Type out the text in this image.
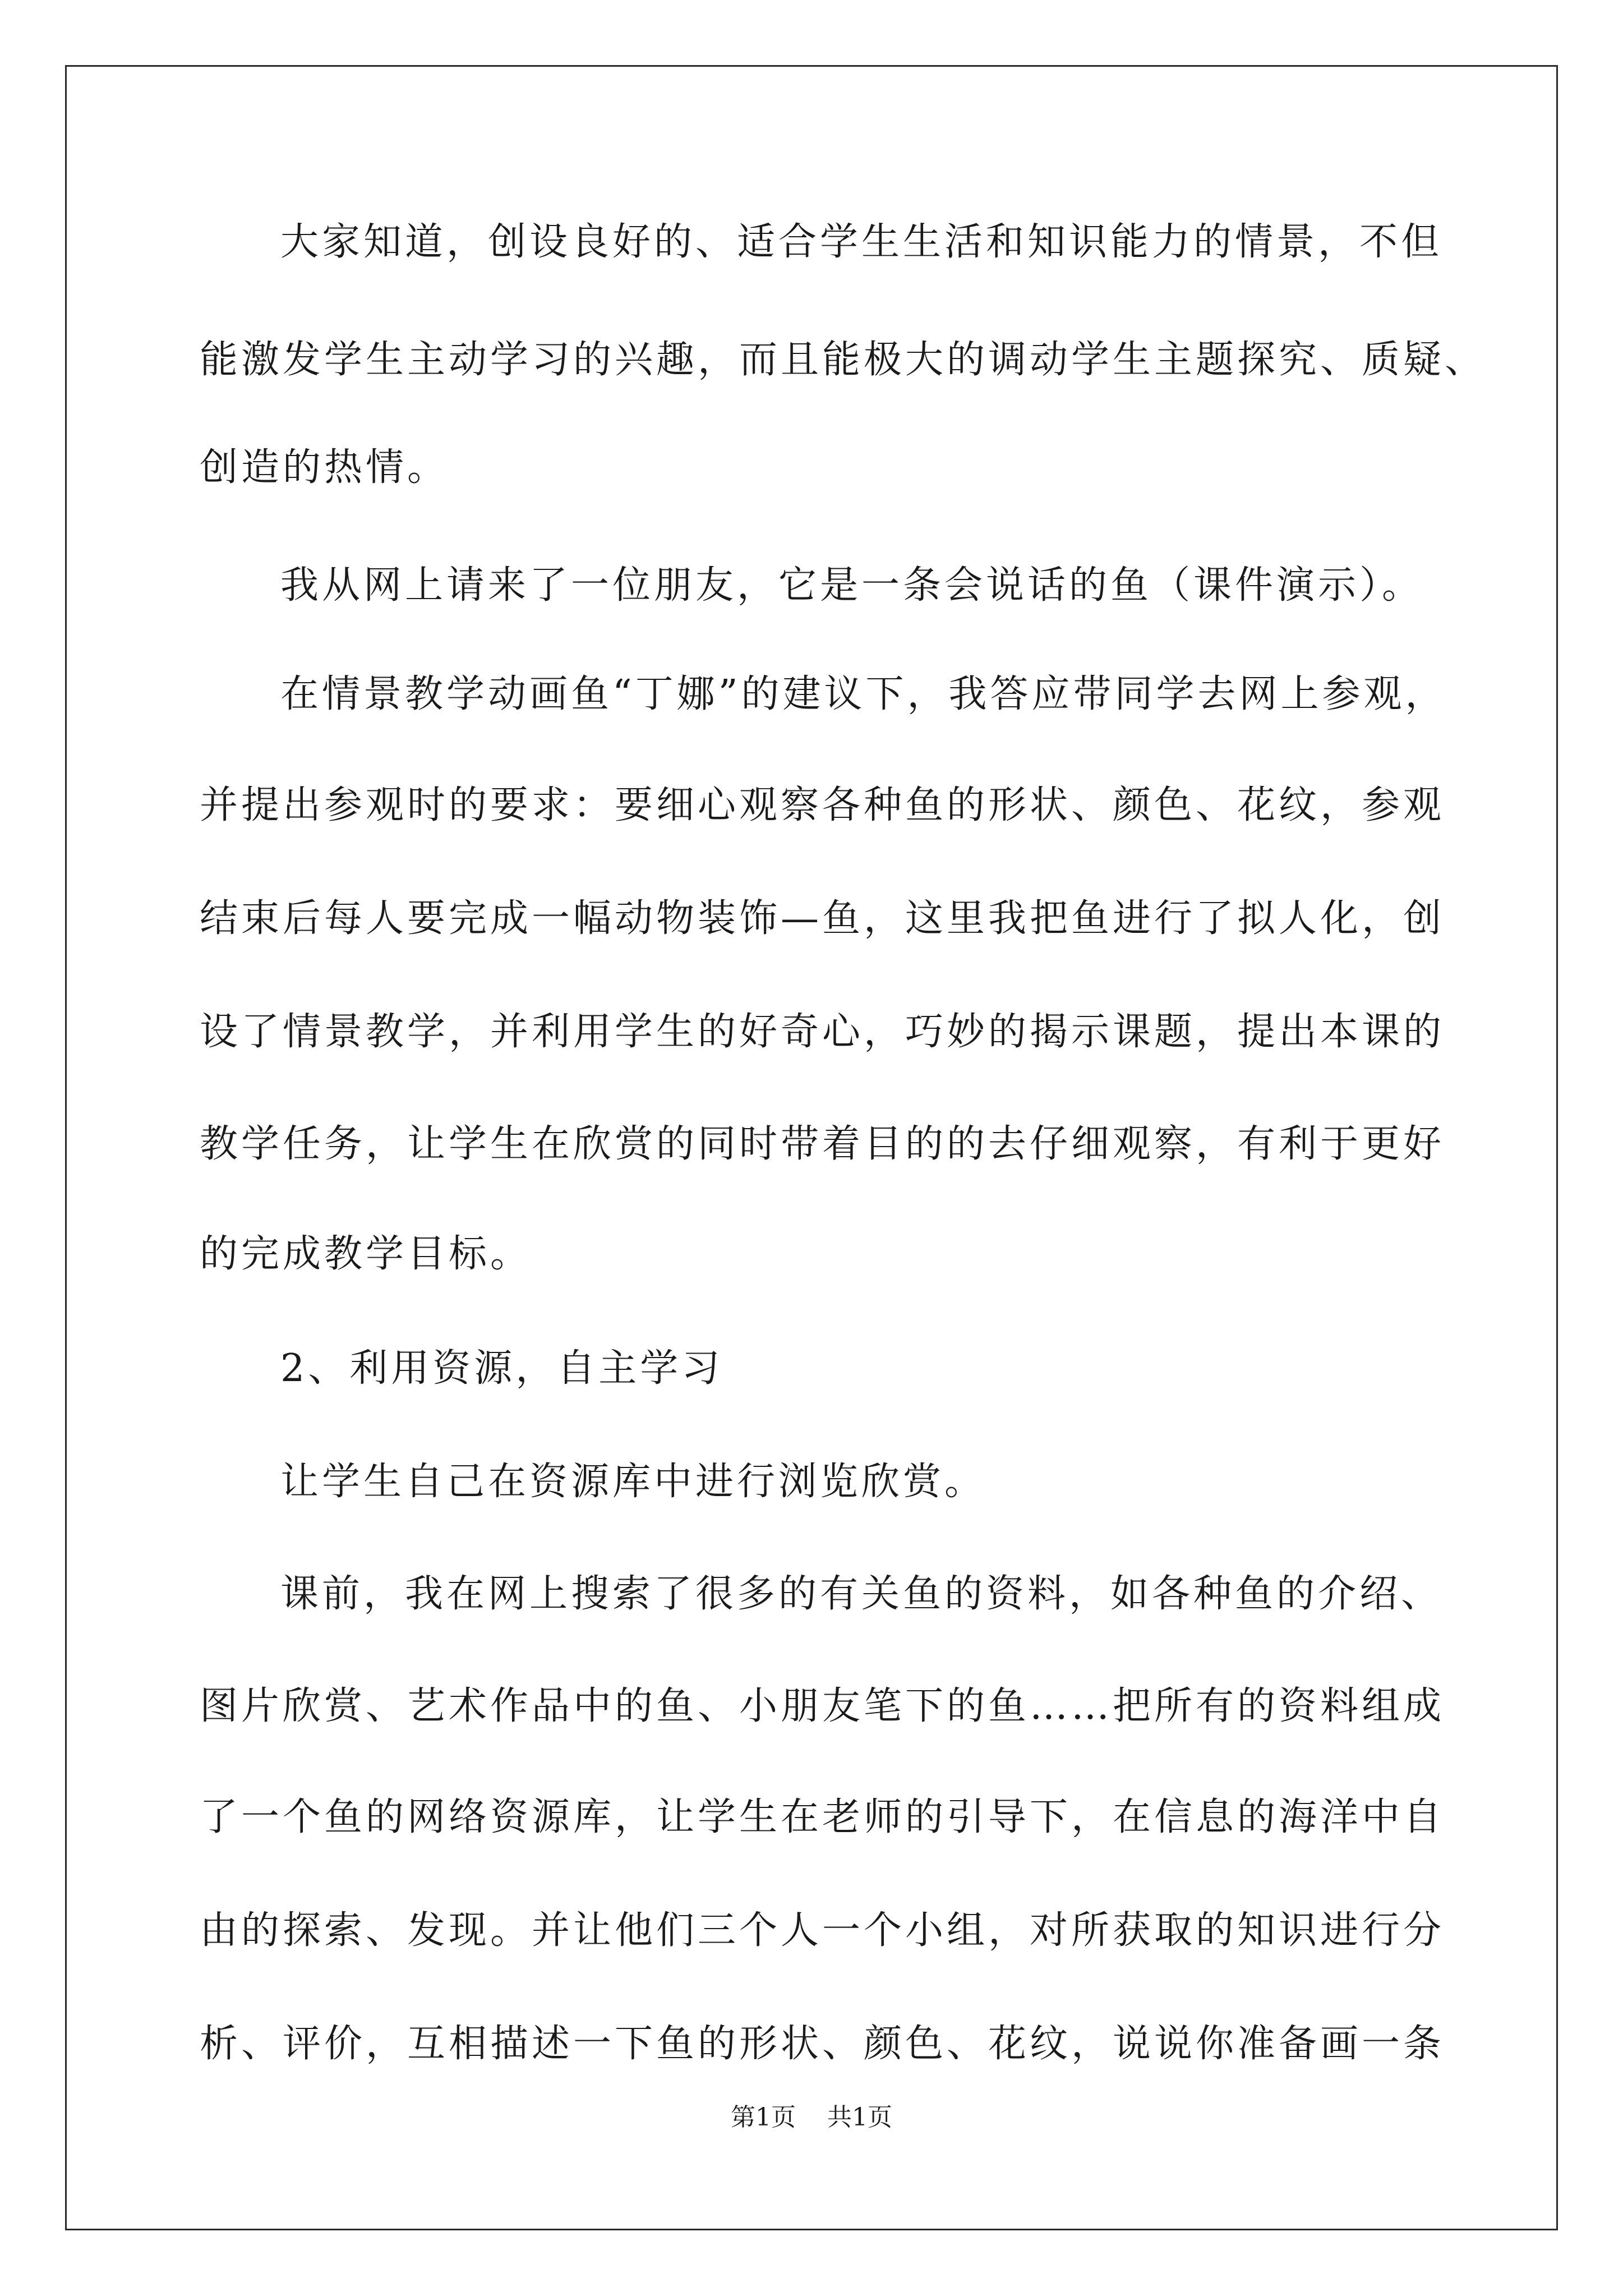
大家知道，创设良好的、适合学生生活和知识能力的情景，不但
能激发学生主动学习的兴趣，而且能极大的调动学生主题探究、质疑、
创造的热情。
我从网上请来了一位朋友，它是一条会说话的鱼（课件演示）。
在情景教学动画鱼“丁娜”的建议下，我答应带同学去网上参观，
并提出参观时的要求：要细心观察各种鱼的形状、颜色、花纹，参观
结束后每人要完成一幅动物装饰—鱼，这里我把鱼进行了拟人化，创
设了情景教学，并利用学生的好奇心，巧妙的揭示课题，提出本课的
教学任务，让学生在欣赏的同时带着目的的去仔细观察，有利于更好
的完成教学目标。
2、利用资源，自主学习
让学生自己在资源库中进行浏览欣赏。
课前，我在网上搜索了很多的有关鱼的资料，如各种鱼的介绍、
图片欣赏、艺术作品中的鱼、小朋友笔下的鱼……把所有的资料组成
了一个鱼的网络资源库，让学生在老师的引导下，在信息的海洋中自
由的探索、发现。并让他们三个人一个小组，对所获取的知识进行分
析、评价，互相描述一下鱼的形状、颜色、花纹，说说你准备画一条
第1页 共1页
